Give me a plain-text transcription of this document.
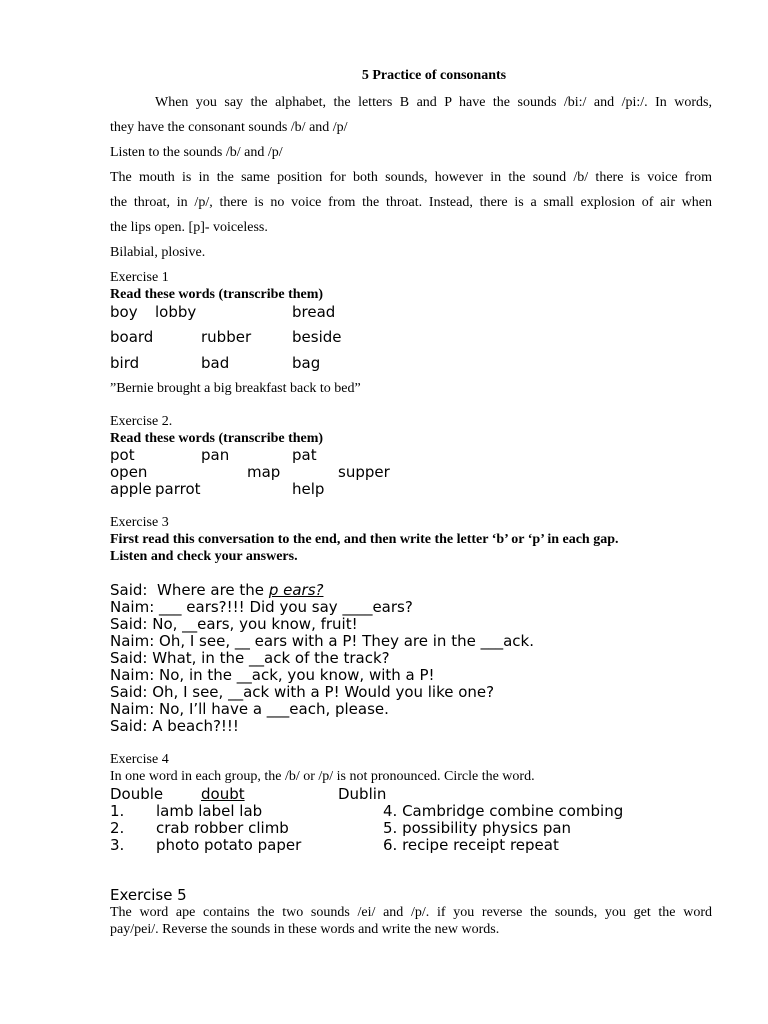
5 Practice of consonants
When you say the alphabet, the letters B and P have the sounds /bi:/ and /pi:/. In words,
they have the consonant sounds /b/ and /p/
Listen to the sounds /b/ and /p/
The mouth is in the same position for both sounds, however in the sound /b/ there is voice from
the throat, in /p/, there is no voice from the throat. Instead, there is a small explosion of air when
the lips open. [p]- voiceless.
Bilabial, plosive.
Exercise 1
Read these words (transcribe them)
boy lobby	bread
board	rubber	beside
bird	bad	bag
”Bernie brought a big breakfast back to bed”
Exercise 2.
Read these words (transcribe them)
pot	pan	pat
open	map	supper
apple parrot	help
Exercise 3
First read this conversation to the end, and then write the letter ‘b’ or ‘p’ in each gap.
Listen and check your answers.
Said:  Where are the p ears?
Naim: ___ ears?!!! Did you say ____ears?
Said: No, __ears, you know, fruit!
Naim: Oh, I see, __ ears with a P! They are in the ___ack.
Said: What, in the __ack of the track?
Naim: No, in the __ack, you know, with a P!
Said: Oh, I see, __ack with a P! Would you like one?
Naim: No, I’ll have a ___each, please.
Said: A beach?!!!
Exercise 4
In one word in each group, the /b/ or /p/ is not pronounced. Circle the word.
Double	doubt	Dublin
1. lamb label lab	4. Cambridge combine combing
2. crab robber climb	5. possibility physics pan
3. photo potato paper	6. recipe receipt repeat
Exercise 5
The word ape contains the two sounds /ei/ and /p/. if you reverse the sounds, you get the word
pay/pei/. Reverse the sounds in these words and write the new words.
